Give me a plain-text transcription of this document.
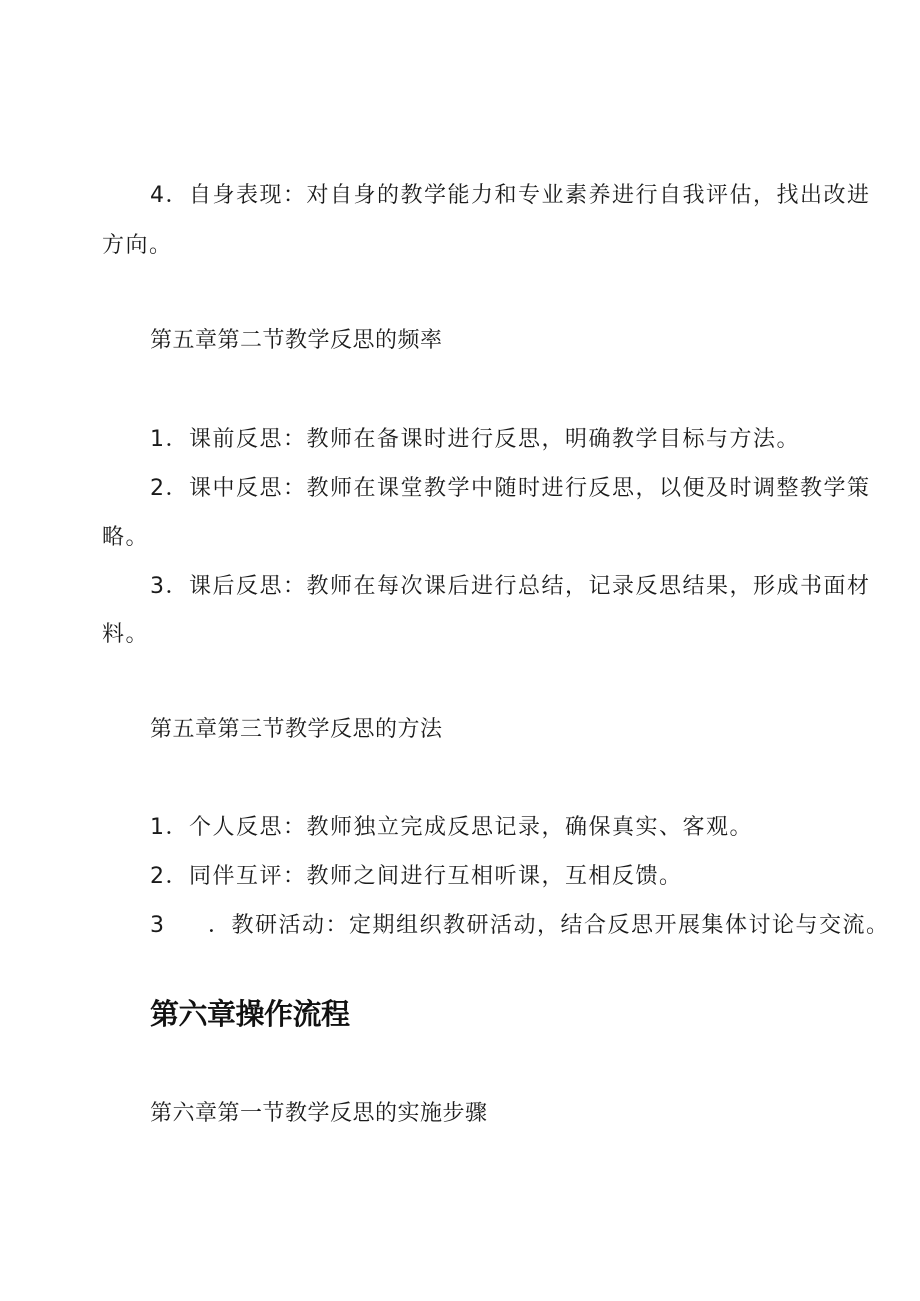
4．自身表现：对自身的教学能力和专业素养进行自我评估，找出改进
方向。
第五章第二节教学反思的频率
1．课前反思：教师在备课时进行反思，明确教学目标与方法。
2．课中反思：教师在课堂教学中随时进行反思，以便及时调整教学策
略。
3．课后反思：教师在每次课后进行总结，记录反思结果，形成书面材
料。
第五章第三节教学反思的方法
1．个人反思：教师独立完成反思记录，确保真实、客观。
2．同伴互评：教师之间进行互相听课，互相反馈。
3 ．教研活动：定期组织教研活动，结合反思开展集体讨论与交流。
第六章操作流程
第六章第一节教学反思的实施步骤
